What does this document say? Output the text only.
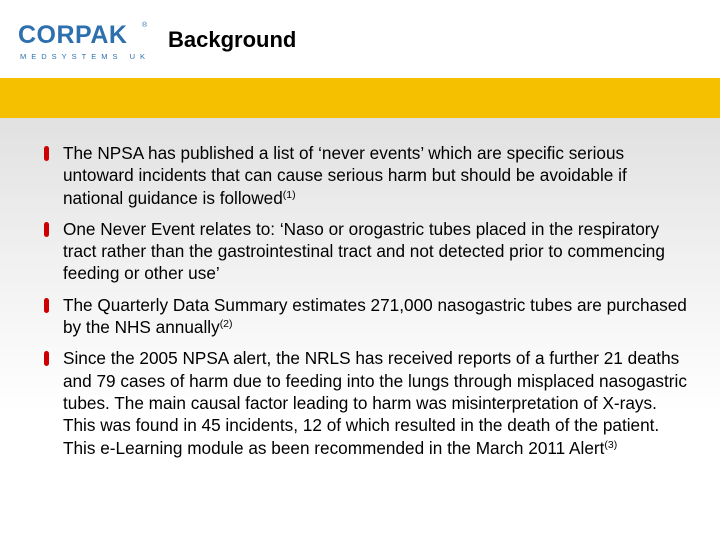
CORPAK ®
MEDSYSTEMS UK
Background
The NPSA has published a list of ‘never events’ which are specific serious untoward incidents that can cause serious harm but should be avoidable if national guidance is followed$^{(1)}$
One Never Event relates to: ‘Naso or orogastric tubes placed in the respiratory tract rather than the gastrointestinal tract and not detected prior to commencing feeding or other use’
The Quarterly Data Summary estimates 271,000 nasogastric tubes are purchased by the NHS annually$^{(2)}$
Since the 2005 NPSA alert, the NRLS has received reports of a further 21 deaths and 79 cases of harm due to feeding into the lungs through misplaced nasogastric tubes. The main causal factor leading to harm was misinterpretation of X-rays. This was found in 45 incidents, 12 of which resulted in the death of the patient. This e-Learning module as been recommended in the March 2011 Alert$^{(3)}$
